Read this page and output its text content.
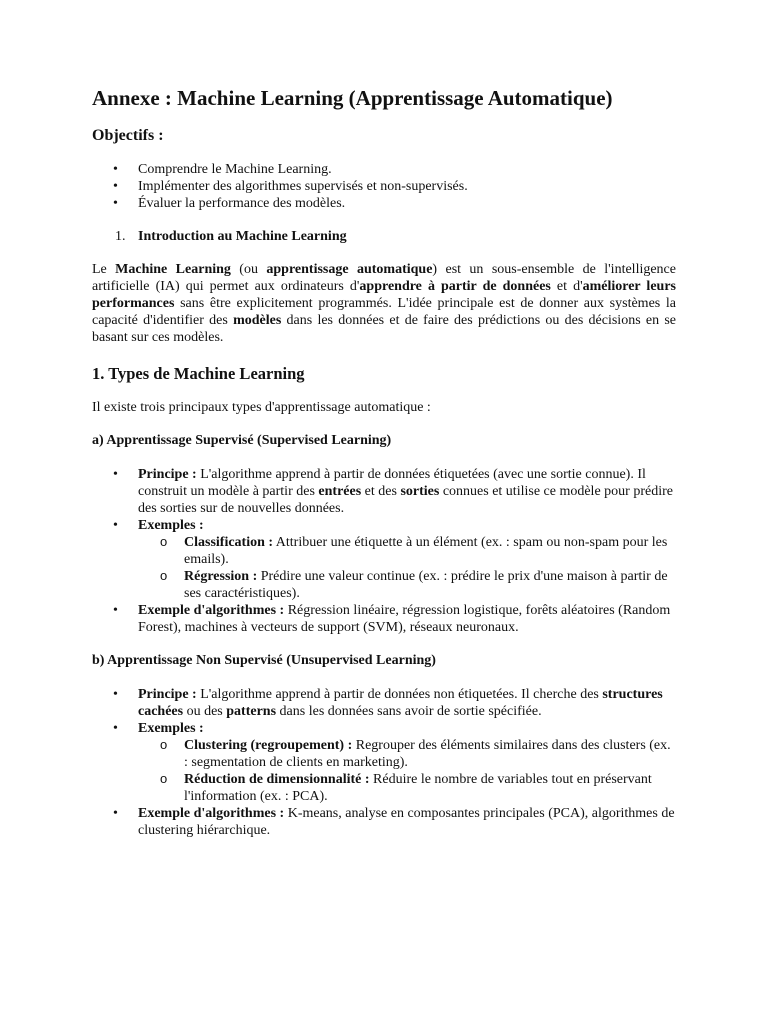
Annexe : Machine Learning (Apprentissage Automatique)
Objectifs :
• Comprendre le Machine Learning.
• Implémenter des algorithmes supervisés et non-supervisés.
• Évaluer la performance des modèles.
1. Introduction au Machine Learning

Le Machine Learning (ou apprentissage automatique) est un sous-ensemble de l'intelligence artificielle (IA) qui permet aux ordinateurs d'apprendre à partir de données et d'améliorer leurs performances sans être explicitement programmés. L'idée principale est de donner aux systèmes la capacité d'identifier des modèles dans les données et de faire des prédictions ou des décisions en se basant sur ces modèles.

1. Types de Machine Learning

Il existe trois principaux types d'apprentissage automatique :

a) Apprentissage Supervisé (Supervised Learning)
• Principe : L'algorithme apprend à partir de données étiquetées (avec une sortie connue). Il construit un modèle à partir des entrées et des sorties connues et utilise ce modèle pour prédire des sorties sur de nouvelles données.
• Exemples :
o Classification : Attribuer une étiquette à un élément (ex. : spam ou non-spam pour les emails).
o Régression : Prédire une valeur continue (ex. : prédire le prix d'une maison à partir de ses caractéristiques).
• Exemple d'algorithmes : Régression linéaire, régression logistique, forêts aléatoires (Random Forest), machines à vecteurs de support (SVM), réseaux neuronaux.
b) Apprentissage Non Supervisé (Unsupervised Learning)
• Principe : L'algorithme apprend à partir de données non étiquetées. Il cherche des structures cachées ou des patterns dans les données sans avoir de sortie spécifiée.
• Exemples :
o Clustering (regroupement) : Regrouper des éléments similaires dans des clusters (ex. : segmentation de clients en marketing).
o Réduction de dimensionnalité : Réduire le nombre de variables tout en préservant l'information (ex. : PCA).
• Exemple d'algorithmes : K-means, analyse en composantes principales (PCA), algorithmes de clustering hiérarchique.
